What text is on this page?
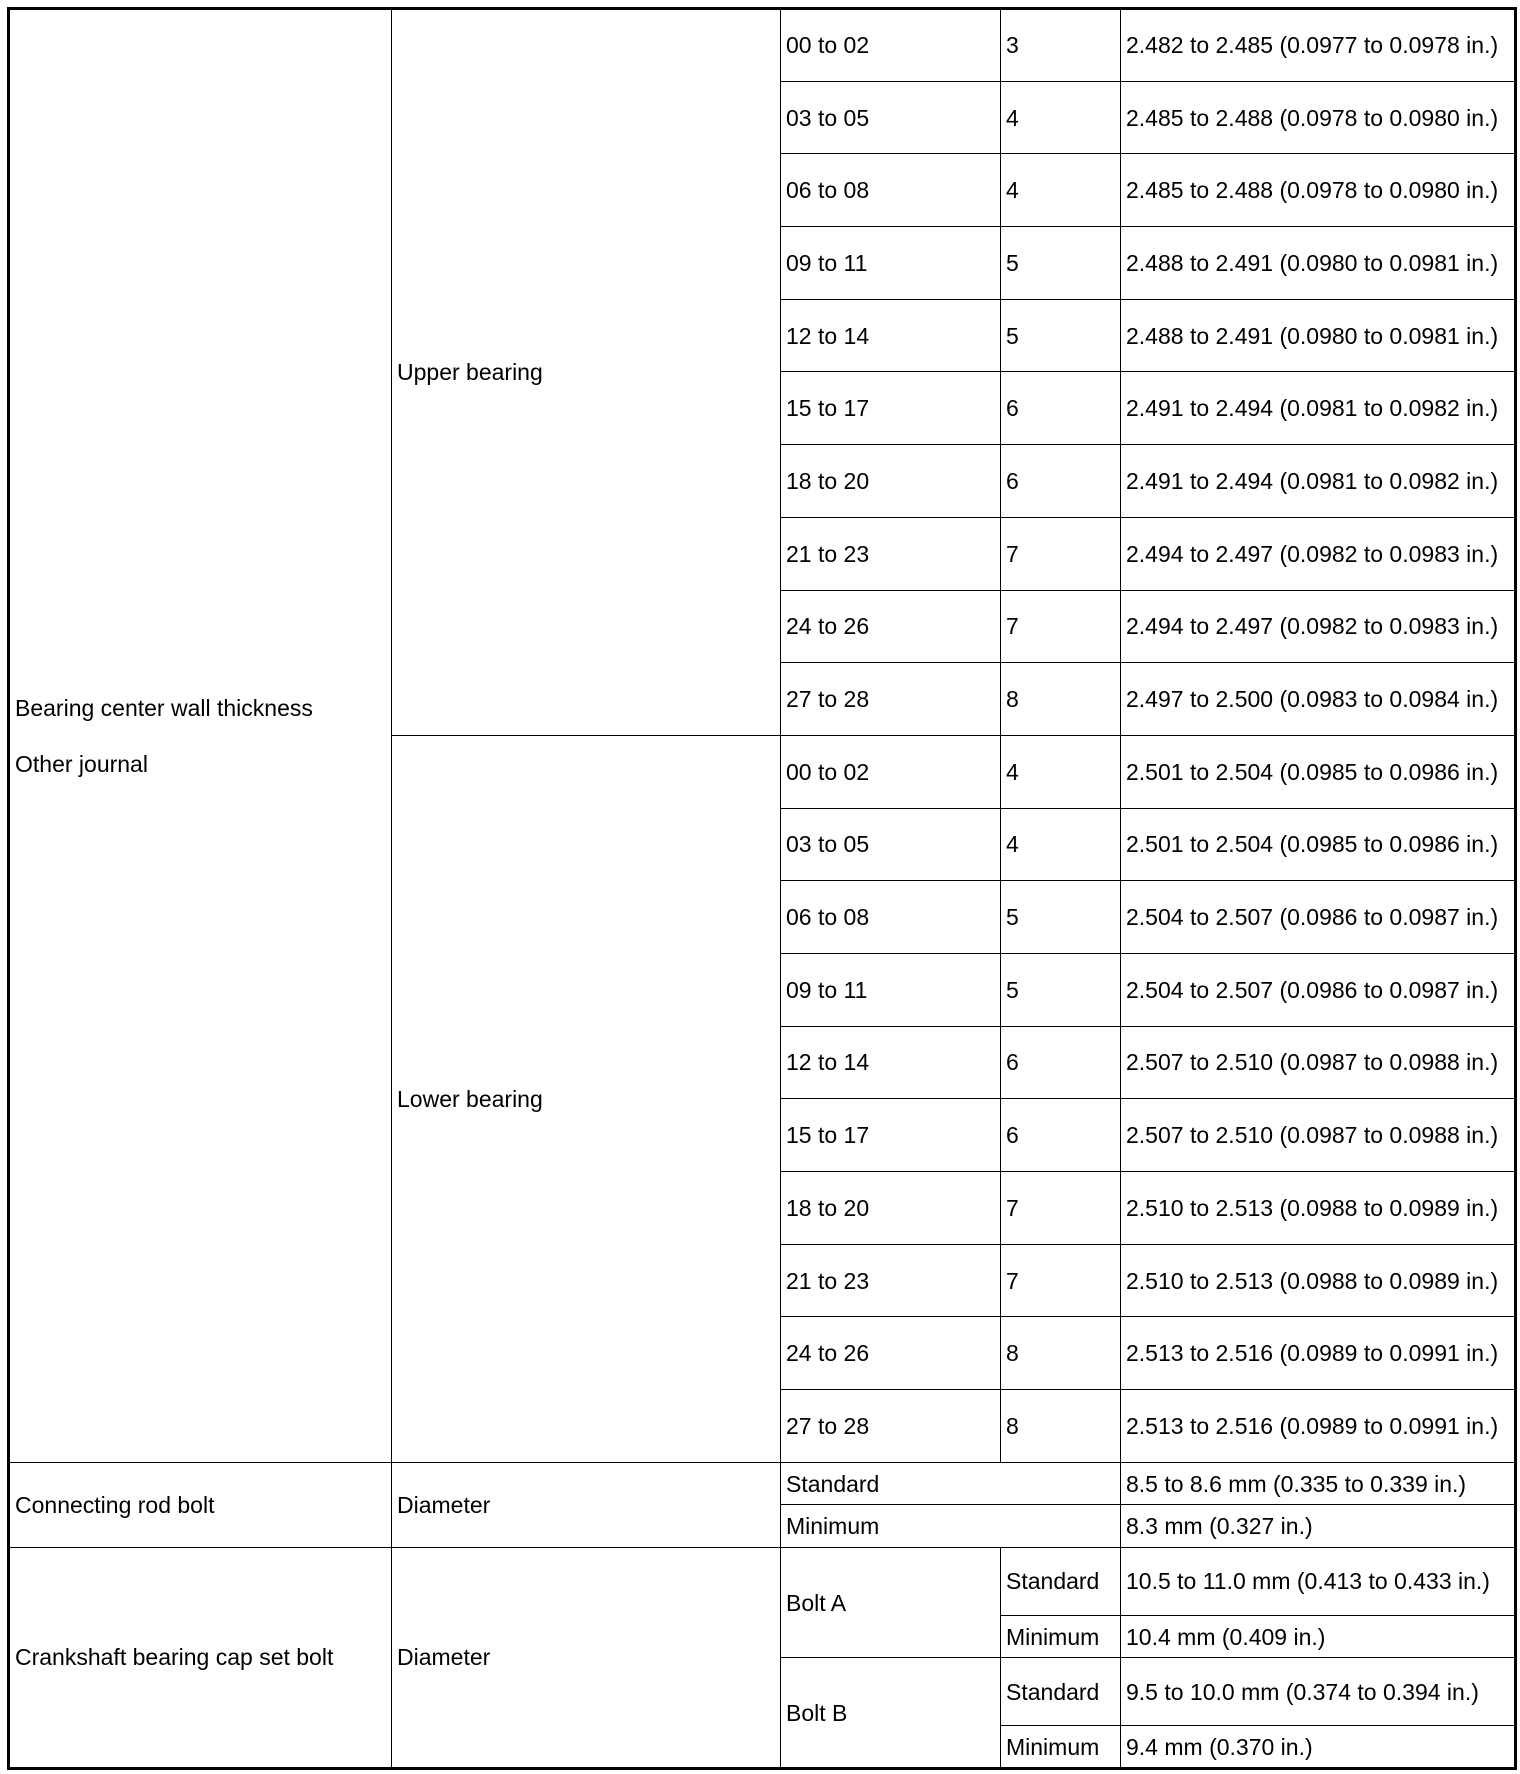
Bearing center wall thickness
Other journal	Upper bearing	00 to 02	3	2.482 to 2.485 (0.0977 to 0.0978 in.)
		03 to 05	4	2.485 to 2.488 (0.0978 to 0.0980 in.)
		06 to 08	4	2.485 to 2.488 (0.0978 to 0.0980 in.)
		09 to 11	5	2.488 to 2.491 (0.0980 to 0.0981 in.)
		12 to 14	5	2.488 to 2.491 (0.0980 to 0.0981 in.)
		15 to 17	6	2.491 to 2.494 (0.0981 to 0.0982 in.)
		18 to 20	6	2.491 to 2.494 (0.0981 to 0.0982 in.)
		21 to 23	7	2.494 to 2.497 (0.0982 to 0.0983 in.)
		24 to 26	7	2.494 to 2.497 (0.0982 to 0.0983 in.)
		27 to 28	8	2.497 to 2.500 (0.0983 to 0.0984 in.)
	Lower bearing	00 to 02	4	2.501 to 2.504 (0.0985 to 0.0986 in.)
		03 to 05	4	2.501 to 2.504 (0.0985 to 0.0986 in.)
		06 to 08	5	2.504 to 2.507 (0.0986 to 0.0987 in.)
		09 to 11	5	2.504 to 2.507 (0.0986 to 0.0987 in.)
		12 to 14	6	2.507 to 2.510 (0.0987 to 0.0988 in.)
		15 to 17	6	2.507 to 2.510 (0.0987 to 0.0988 in.)
		18 to 20	7	2.510 to 2.513 (0.0988 to 0.0989 in.)
		21 to 23	7	2.510 to 2.513 (0.0988 to 0.0989 in.)
		24 to 26	8	2.513 to 2.516 (0.0989 to 0.0991 in.)
		27 to 28	8	2.513 to 2.516 (0.0989 to 0.0991 in.)
Connecting rod bolt	Diameter	Standard		8.5 to 8.6 mm (0.335 to 0.339 in.)
		Minimum		8.3 mm (0.327 in.)
Crankshaft bearing cap set bolt	Diameter	Bolt A	Standard	10.5 to 11.0 mm (0.413 to 0.433 in.)
			Minimum	10.4 mm (0.409 in.)
		Bolt B	Standard	9.5 to 10.0 mm (0.374 to 0.394 in.)
			Minimum	9.4 mm (0.370 in.)
